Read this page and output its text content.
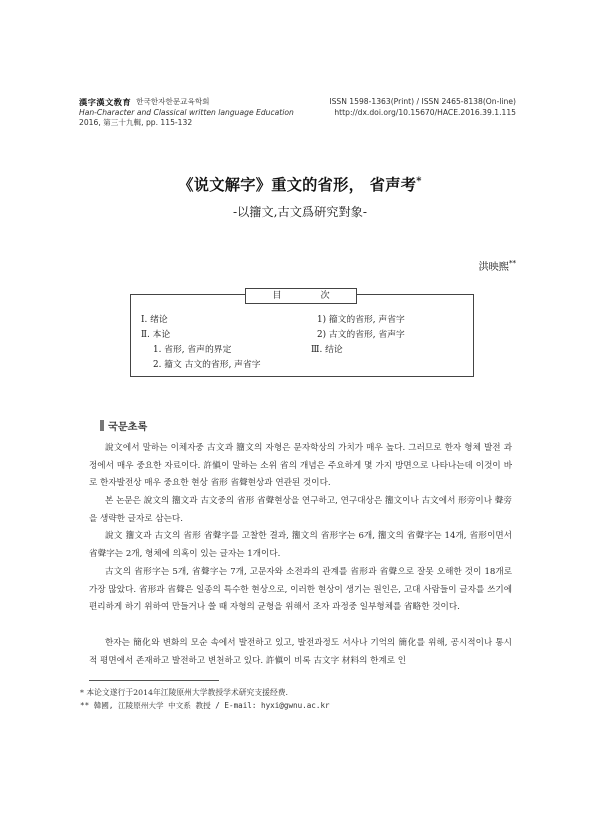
漢字漢文敎育 한국한자한문교육학회
Han-Character and Classical written language Education
2016, 第三十九輯, pp. 115-132
ISSN 1598-1363(Print) / ISSN 2465-8138(On-line)
http://dx.doi.org/10.15670/HACE.2016.39.1.115
《说文解字》重文的省形， 省声考*
-以籒文,古文爲硏究對象-
洪映熙**
目 次
Ⅰ. 绪论
Ⅱ. 本论
1. 省形, 省声的界定
2. 籀文 古文的省形, 声省字
1) 籀文的省形, 声省字
2) 古文的省形, 省声字
Ⅲ. 结论
국문초록

說文에서 말하는 이체자중 古文과 籒文의 자형은 문자학상의 가치가 매우 높다. 그러므로 한자 형체 발전 과정에서 매우 중요한 자료이다. 許愼이 말하는 소위 省의 개념은 주요하게 몇 가지 방면으로 나타나는데 이것이 바로 한자발전상 매우 중요한 현상 省形 省聲현상과 연관된 것이다.

본 논문은 說文의 籒文과 古文중의 省形 省聲현상을 연구하고, 연구대상은 籒文이나 古文에서 形旁이나 聲旁을 생략한 글자로 삼는다.

說文 籒文과 古文의 省形 省聲字를 고찰한 결과, 籒文의 省形字는 6개, 籒文의 省聲字는 14개, 省形이면서 省聲字는 2개, 형체에 의혹이 있는 글자는 1개이다.

古文의 省形字는 5개, 省聲字는 7개, 고문자와 소전과의 관계를 省形과 省聲으로 잘못 오해한 것이 18개로 가장 많았다. 省形과 省聲은 일종의 특수한 현상으로, 이러한 현상이 생기는 원인은, 고대 사람들이 글자를 쓰기에 편리하게 하기 위하여 만들거나 쓸 때 자형의 균형을 위해서 조자 과정중 일부형체를 省略한 것이다.

한자는 簡化와 변화의 모순 속에서 발전하고 있고, 발전과정도 서사나 기억의 簡化를 위해, 공시적이나 통시적 평면에서 존재하고 발전하고 변천하고 있다. 許愼이 비록 古文字 材料의 한계로 인

* 本论文遂行于2014年江陵原州大学教授学术研究支援经费.
** 韓國, 江陵原州大学 中文系 教授 / E-mail: hyxi@gwnu.ac.kr
